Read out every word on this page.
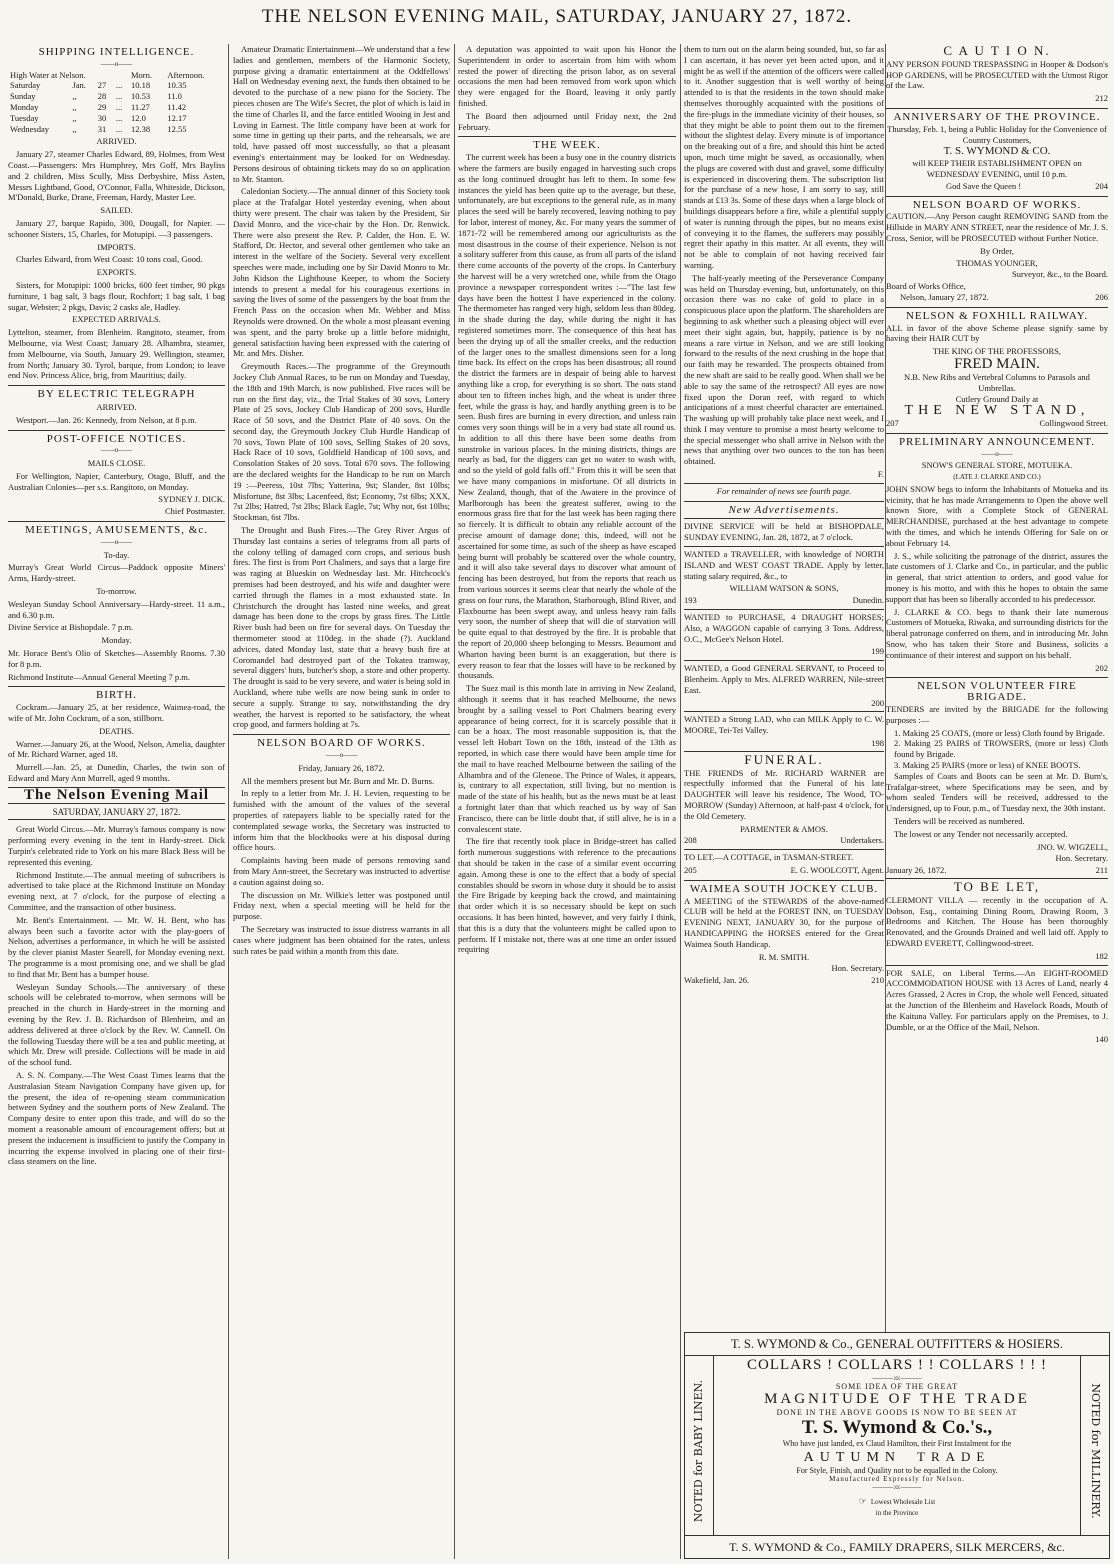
THE NELSON EVENING MAIL, SATURDAY, JANUARY 27, 1872.
SHIPPING INTELLIGENCE.
——o——
High Water at Nelson.				Morn.	Afternoon.
Saturday	Jan.	27	...	10.18	10.35
Sunday	,,	28	...	10.53	11.0
Monday	,,	29	...	11.27	11.42
Tuesday	,,	30	...	12.0	12.17
Wednesday	,,	31	...	12.38	12.55
ARRIVED.

January 27, steamer Charles Edward, 89, Holmes, from West Coast.—Passengers: Mrs Humphrey, Mrs Goff, Mrs Bayliss and 2 children, Miss Scully, Miss Derbyshire, Miss Asten, Messrs Lightband, Good, O'Connor, Falla, Whiteside, Dickson, M'Donald, Burke, Drane, Freeman, Hardy, Master Lee.

SAILED.

January 27, barque Rapido, 300, Dougall, for Napier. — schooner Sisters, 15, Charles, for Motupipi. —3 passengers.

IMPORTS.

Charles Edward, from West Coast: 10 tons coal, Good.

EXPORTS.

Sisters, for Motupipi: 1000 bricks, 600 feet timber, 90 pkgs furniture, 1 bag salt, 3 bags flour, Rochfort; 1 bag salt, 1 bag sugar, Webster; 2 pkgs, Davis; 2 casks ale, Hadley.

EXPECTED ARRIVALS.

Lyttelton, steamer, from Blenheim. Rangitoto, steamer, from Melbourne, via West Coast; January 28. Alhambra, steamer, from Melbourne, via South, January 29. Wellington, steamer, from North; January 30. Tyrol, barque, from London; to leave end Nov. Princess Alice, brig, from Mauritius; daily.

BY ELECTRIC TELEGRAPH
ARRIVED.

Westport.—Jan. 26: Kennedy, from Nelson, at 8 p.m.

POST-OFFICE NOTICES.
——o——
MAILS CLOSE.

For Wellington, Napier, Canterbury, Otago, Bluff, and the Australian Colonies—per s.s. Rangitoto, on Monday.

SYDNEY J. DICK.
Chief Postmaster.
MEETINGS, AMUSEMENTS, &c.
——o——
To-day.

Murray's Great World Circus—Paddock opposite Miners' Arms, Hardy-street.

To-morrow.

Wesleyan Sunday School Anniversary—Hardy-street. 11 a.m., and 6.30 p.m.

Divine Service at Bishopdale. 7 p.m.

Monday.

Mr. Horace Bent's Olio of Sketches—Assembly Rooms. 7.30 for 8 p.m.

Richmond Institute—Annual General Meeting 7 p.m.

BIRTH.

Cockram.—January 25, at her residence, Waimea-road, the wife of Mr. John Cockram, of a son, stillborn.

DEATHS.

Warner.—January 26, at the Wood, Nelson, Amelia, daughter of Mr. Richard Warner, aged 18.

Murrell.—Jan. 25, at Dunedin, Charles, the twin son of Edward and Mary Ann Murrell, aged 9 months.

The Nelson Evening Mail
SATURDAY, JANUARY 27, 1872.

Great World Circus.—Mr. Murray's famous company is now performing every evening in the tent in Hardy-street. Dick Turpin's celebrated ride to York on his mare Black Bess will be represented this evening.

Richmond Institute.—The annual meeting of subscribers is advertised to take place at the Richmond Institute on Monday evening next, at 7 o'clock, for the purpose of electing a Committee, and the transaction of other business.

Mr. Bent's Entertainment. — Mr. W. H. Bent, who has always been such a favorite actor with the play-goers of Nelson, advertises a performance, in which he will be assisted by the clever pianist Master Searell, for Monday evening next. The programme is a most promising one, and we shall be glad to find that Mr. Bent has a bumper house.

Wesleyan Sunday Schools.—The anniversary of these schools will be celebrated to-morrow, when sermons will be preached in the church in Hardy-street in the morning and evening by the Rev. J. B. Richardson of Blenheim, and an address delivered at three o'clock by the Rev. W. Cannell. On the following Tuesday there will be a tea and public meeting, at which Mr. Drew will preside. Collections will be made in aid of the school fund.

A. S. N. Company.—The West Coast Times learns that the Australasian Steam Navigation Company have given up, for the present, the idea of re-opening steam communication between Sydney and the southern ports of New Zealand. The Company desire to enter upon this trade, and will do so the moment a reasonable amount of encouragement offers; but at present the inducement is insufficient to justify the Company in incurring the expense involved in placing one of their first-class steamers on the line.

Amateur Dramatic Entertainment—We understand that a few ladies and gentlemen, members of the Harmonic Society, purpose giving a dramatic entertainment at the Oddfellows' Hall on Wednesday evening next, the funds then obtained to be devoted to the purchase of a new piano for the Society. The pieces chosen are The Wife's Secret, the plot of which is laid in the time of Charles II, and the farce entitled Wooing in Jest and Loving in Earnest. The little company have been at work for some time in getting up their parts, and the rehearsals, we are told, have passed off most successfully, so that a pleasant evening's entertainment may be looked for on Wednesday. Persons desirous of obtaining tickets may do so on application to Mr. Stanton.

Caledonian Society.—The annual dinner of this Society took place at the Trafalgar Hotel yesterday evening, when about thirty were present. The chair was taken by the President, Sir David Monro, and the vice-chair by the Hon. Dr. Renwick. There were also present the Rev. P. Calder, the Hon. E. W. Stafford, Dr. Hector, and several other gentlemen who take an interest in the welfare of the Society. Several very excellent speeches were made, including one by Sir David Monro to Mr. John Kidson the Lighthouse Keeper, to whom the Society intends to present a medal for his courageous exertions in saving the lives of some of the passengers by the boat from the French Pass on the occasion when Mr. Webber and Miss Reynolds were drowned. On the whole a most pleasant evening was spent, and the party broke up a little before midnight, general satisfaction having been expressed with the catering of Mr. and Mrs. Disher.

Greymouth Races.—The programme of the Greymouth Jockey Club Annual Races, to be run on Monday and Tuesday, the 18th and 19th March, is now published. Five races will be run on the first day, viz., the Trial Stakes of 30 sovs, Lottery Plate of 25 sovs, Jockey Club Handicap of 200 sovs, Hurdle Race of 50 sovs, and the District Plate of 40 sovs. On the second day, the Greymouth Jockey Club Hurdle Handicap of 70 sovs, Town Plate of 100 sovs, Selling Stakes of 20 sovs, Hack Race of 10 sovs, Goldfield Handicap of 100 sovs, and Consolation Stakes of 20 sovs. Total 670 sovs. The following are the declared weights for the Handicap to be run on March 19 :—Peeress, 10st 7lbs; Yatterina, 9st; Slander, 8st 10lbs; Misfortune, 8st 3lbs; Lacenfeed, 8st; Economy, 7st 6lbs; XXX, 7st 2lbs; Hatred, 7st 2lbs; Black Eagle, 7st; Why not, 6st 10lbs; Stockman, 6st 7lbs.

The Drought and Bush Fires.—The Grey River Argus of Thursday last contains a series of telegrams from all parts of the colony telling of damaged corn crops, and serious bush fires. The first is from Port Chalmers, and says that a large fire was raging at Blueskin on Wednesday last. Mr. Hitchcock's premises had been destroyed, and his wife and daughter were carried through the flames in a most exhausted state. In Christchurch the drought has lasted nine weeks, and great damage has been done to the crops by grass fires. The Little River bush had been on fire for several days. On Tuesday the thermometer stood at 110deg. in the shade (?). Auckland advices, dated Monday last, state that a heavy bush fire at Coromandel had destroyed part of the Tokatea tramway, several diggers' huts, butcher's shop, a store and other property. The drought is said to be very severe, and water is being sold in Auckland, where tube wells are now being sunk in order to secure a supply. Strange to say, notwithstanding the dry weather, the harvest is reported to be satisfactory, the wheat crop good, and farmers holding at 7s.

NELSON BOARD OF WORKS.
——o——
Friday, January 26, 1872.

All the members present but Mr. Burn and Mr. D. Burns.

In reply to a letter from Mr. J. H. Levien, requesting to be furnished with the amount of the values of the several properties of ratepayers liable to be specially rated for the contemplated sewage works, the Secretary was instructed to inform him that the blockbooks were at his disposal during office hours.

Complaints having been made of persons removing sand from Mary Ann-street, the Secretary was instructed to advertise a caution against doing so.

The discussion on Mr. Wilkie's letter was postponed until Friday next, when a special meeting will be held for the purpose.

The Secretary was instructed to issue distress warrants in all cases where judgment has been obtained for the rates, unless such rates be paid within a month from this date.

A deputation was appointed to wait upon his Honor the Superintendent in order to ascertain from him with whom rested the power of directing the prison labor, as on several occasions the men had been removed from work upon which they were engaged for the Board, leaving it only partly finished.

The Board then adjourned until Friday next, the 2nd February.

THE WEEK.

The current week has been a busy one in the country districts where the farmers are busily engaged in harvesting such crops as the long continued drought has left to them. In some few instances the yield has been quite up to the average, but these, unfortunately, are but exceptions to the general rule, as in many places the seed will be barely recovered, leaving nothing to pay for labor, interest of money, &c. For many years the summer of 1871-72 will be remembered among our agriculturists as the most disastrous in the course of their experience. Nelson is not a solitary sufferer from this cause, as from all parts of the island there come accounts of the poverty of the crops. In Canterbury the harvest will be a very wretched one, while from the Otago province a newspaper correspondent writes :—"The last few days have been the hottest I have experienced in the colony. The thermometer has ranged very high, seldom less than 80deg. in the shade during the day, while during the night it has registered sometimes more. The consequence of this heat has been the drying up of all the smaller creeks, and the reduction of the larger ones to the smallest dimensions seen for a long time back. Its effect on the crops has been disastrous; all round the district the farmers are in despair of being able to harvest anything like a crop, for everything is so short. The oats stand about ten to fifteen inches high, and the wheat is under three feet, while the grass is hay, and hardly anything green is to be seen. Bush fires are burning in every direction, and unless rain comes very soon things will be in a very bad state all round us. In addition to all this there have been some deaths from sunstroke in various places. In the mining districts, things are nearly as bad, for the diggers can get no water to wash with, and so the yield of gold falls off." From this it will be seen that we have many companions in misfortune. Of all districts in New Zealand, though, that of the Awatere in the province of Marlborough has been the greatest sufferer, owing to the enormous grass fire that for the last week has been raging there so fiercely. It is difficult to obtain any reliable account of the precise amount of damage done; this, indeed, will not be ascertained for some time, as such of the sheep as have escaped being burnt will probably be scattered over the whole country, and it will also take several days to discover what amount of fencing has been destroyed, but from the reports that reach us from various sources it seems clear that nearly the whole of the grass on four runs, the Marathon, Starborough, Blind River, and Flaxbourne has been swept away, and unless heavy rain falls very soon, the number of sheep that will die of starvation will be quite equal to that destroyed by the fire. It is probable that the report of 20,000 sheep belonging to Messrs. Beaumont and Wharton having been burnt is an exaggeration, but there is every reason to fear that the losses will have to be reckoned by thousands.

The Suez mail is this month late in arriving in New Zealand, although it seems that it has reached Melbourne, the news brought by a sailing vessel to Port Chalmers bearing every appearance of being correct, for it is scarcely possible that it can be a hoax. The most reasonable supposition is, that the vessel left Hobart Town on the 18th, instead of the 13th as reported, in which case there would have been ample time for the mail to have reached Melbourne between the sailing of the Alhambra and of the Gleneoe. The Prince of Wales, it appears, is, contrary to all expectation, still living, but no mention is made of the state of his health, but as the news must be at least a fortnight later than that which reached us by way of San Francisco, there can be little doubt that, if still alive, he is in a convalescent state.

The fire that recently took place in Bridge-street has called forth numerous suggestions with reference to the precautions that should be taken in the case of a similar event occurring again. Among these is one to the effect that a body of special constables should be sworn in whose duty it should be to assist the Fire Brigade by keeping back the crowd, and maintaining that order which it is so necessary should be kept on such occasions. It has been hinted, however, and very fairly I think, that this is a duty that the volunteers might be called upon to perform. If I mistake not, there was at one time an order issued requiring

them to turn out on the alarm being sounded, but, so far as I can ascertain, it has never yet been acted upon, and it might be as well if the attention of the officers were called to it. Another suggestion that is well worthy of being attended to is that the residents in the town should make themselves thoroughly acquainted with the positions of the fire-plugs in the immediate vicinity of their houses, so that they might be able to point them out to the firemen without the slightest delay. Every minute is of importance on the breaking out of a fire, and should this hint be acted upon, much time might be saved, as occasionally, when the plugs are covered with dust and gravel, some difficulty is experienced in discovering them. The subscription list for the purchase of a new hose, I am sorry to say, still stands at £13 3s. Some of these days when a large block of buildings disappears before a fire, while a plentiful supply of water is running through the pipes, but no means exist of conveying it to the flames, the sufferers may possibly regret their apathy in this matter. At all events, they will not be able to complain of not having received fair warning.

The half-yearly meeting of the Perseverance Company was held on Thursday evening, but, unfortunately, on this occasion there was no cake of gold to place in a conspicuous place upon the platform. The shareholders are beginning to ask whether such a pleasing object will ever meet their sight again, but, happily, patience is by no means a rare virtue in Nelson, and we are still looking forward to the results of the next crushing in the hope that our faith may be rewarded. The prospects obtained from the new shaft are said to be really good. When shall we be able to say the same of the retrospect? All eyes are now fixed upon the Doran reef, with regard to which anticipations of a most cheerful character are entertained. The washing up will probably take place next week, and I think I may venture to promise a most hearty welcome to the special messenger who shall arrive in Nelson with the news that anything over two ounces to the ton has been obtained.

F.
For remainder of news see fourth page.
New Advertisements.

DIVINE SERVICE will be held at BISHOPDALE, SUNDAY EVENING, Jan. 28, 1872, at 7 o'clock.

WANTED a TRAVELLER, with knowledge of NORTH ISLAND and WEST COAST TRADE. Apply by letter, stating salary required, &c., to

WILLIAM WATSON & SONS,
193	Dunedin.

WANTED to PURCHASE, 4 DRAUGHT HORSES; Also, a WAGGON capable of carrying 3 Tons. Address, O.C., McGee's Nelson Hotel.

199

WANTED, a Good GENERAL SERVANT, to Proceed to Blenheim. Apply to Mrs. ALFRED WARREN, Nile-street East.

200

WANTED a Strong LAD, who can MILK Apply to C. W. MOORE, Tei-Tei Valley.

198
FUNERAL.

THE FRIENDS of Mr. RICHARD WARNER are respectfully informed that the Funeral of his late DAUGHTER will leave his residence, The Wood, TO-MORROW (Sunday) Afternoon, at half-past 4 o'clock, for the Old Cemetery.

PARMENTER & AMOS.
208	Undertakers.

TO LET.—A COTTAGE, in TASMAN-STREET.

205	E. G. WOOLCOTT, Agent.
WAIMEA SOUTH JOCKEY CLUB.

A MEETING of the STEWARDS of the above-named CLUB will be held at the FOREST INN, on TUESDAY EVENING NEXT, JANUARY 30, for the purpose of HANDICAPPING the HORSES entered for the Great Waimea South Handicap.

R. M. SMITH.
Hon. Secretary.
Wakefield, Jan. 26.	210
C A U T I O N.

ANY PERSON FOUND TRESPASSING in Hooper & Dodson's HOP GARDENS, will be PROSECUTED with the Utmost Rigor of the Law.

212
ANNIVERSARY OF THE PROVINCE.
Thursday, Feb. 1, being a Public Holiday for the Convenience of Country Customers,
T. S. WYMOND & CO.
will KEEP THEIR ESTABLISHMENT OPEN on WEDNESDAY EVENING, until 10 p.m.
God Save the Queen !	204
NELSON BOARD OF WORKS.

CAUTION.—Any Person caught REMOVING SAND from the Hillside in MARY ANN STREET, near the residence of Mr. J. S. Cross, Senior, will be PROSECUTED without Further Notice.

By Order,
THOMAS YOUNGER,
Surveyor, &c., to the Board.
Board of Works Office,
Nelson, January 27, 1872.	206
NELSON & FOXHILL RAILWAY.

ALL in favor of the above Scheme please signify same by having their HAIR CUT by

THE KING OF THE PROFESSORS,
FRED MAIN.
N.B. New Ribs and Vertebral Columns to Parasols and Umbrellas.
Cutlery Ground Daily at
THE NEW STAND,
207	Collingwood Street.
PRELIMINARY ANNOUNCEMENT.
——o——
SNOW'S GENERAL STORE, MOTUEKA.
(LATE J. CLARKE AND CO.)

JOHN SNOW begs to inform the Inhabitants of Motueka and its vicinity, that he has made Arrangements to Open the above well known Store, with a Complete Stock of GENERAL MERCHANDISE, purchased at the best advantage to compete with the times, and which he intends Offering for Sale on or about February 14.

J. S., while soliciting the patronage of the district, assures the late customers of J. Clarke and Co., in particular, and the public in general, that strict attention to orders, and good value for money is his motto, and with this he hopes to obtain the same support that has been so liberally accorded to his predecessor.

J. CLARKE & CO. begs to thank their late numerous Customers of Motueka, Riwaka, and surrounding districts for the liberal patronage conferred on them, and in introducing Mr. John Snow, who has taken their Store and Business, solicits a continuance of their interest and support on his behalf.

202
NELSON VOLUNTEER FIRE BRIGADE.

TENDERS are invited by the BRIGADE for the following purposes :—

1. Making 25 COATS, (more or less) Cloth found by Brigade.
2. Making 25 PAIRS of TROWSERS, (more or less) Cloth found by Brigade.
3. Making 25 PAIRS (more or less) of KNEE BOOTS.

Samples of Coats and Boots can be seen at Mr. D. Burn's, Trafalgar-street, where Specifications may be seen, and by whom sealed Tenders will be received, addressed to the Undersigned, up to Four, p.m., of Tuesday next, the 30th instant.

Tenders will be received as numbered.

The lowest or any Tender not necessarily accepted.

JNO. W. WIGZELL,
Hon. Secretary.
January 26, 1872.	211
TO BE LET,

CLERMONT VILLA — recently in the occupation of A. Dobson, Esq., containing Dining Room, Drawing Room, 3 Bedrooms and Kitchen. The House has been thoroughly Renovated, and the Grounds Drained and well laid off. Apply to EDWARD EVERETT, Collingwood-street.

182

FOR SALE, on Liberal Terms.—An EIGHT-ROOMED ACCOMMODATION HOUSE with 13 Acres of Land, nearly 4 Acres Grassed, 2 Acres in Crop, the whole well Fenced, situated at the Junction of the Blenheim and Havelock Roads, Mouth of the Kaituna Valley. For particulars apply on the Premises, to J. Dumble, or at the Office of the Mail, Nelson.

140
T. S. WYMOND & Co., GENERAL OUTFITTERS & HOSIERS.
NOTED for BABY LINEN.
COLLARS ! COLLARS ! ! COLLARS ! ! !
———:o:———
SOME IDEA OF THE GREAT
MAGNITUDE OF THE TRADE
DONE IN THE ABOVE GOODS IS NOW TO BE SEEN AT
T. S. Wymond & Co.'s.,
Who have just landed, ex Claud Hamilton, their First Instalment for the
AUTUMN TRADE
For Style, Finish, and Quality not to be equalled in the Colony.
Manufactured Expressly for Nelson.
———:o:———
☞ Lowest Wholesale List
in the Province	NOTED for MILLINERY.
T. S. WYMOND & Co., FAMILY DRAPERS, SILK MERCERS, &c.
